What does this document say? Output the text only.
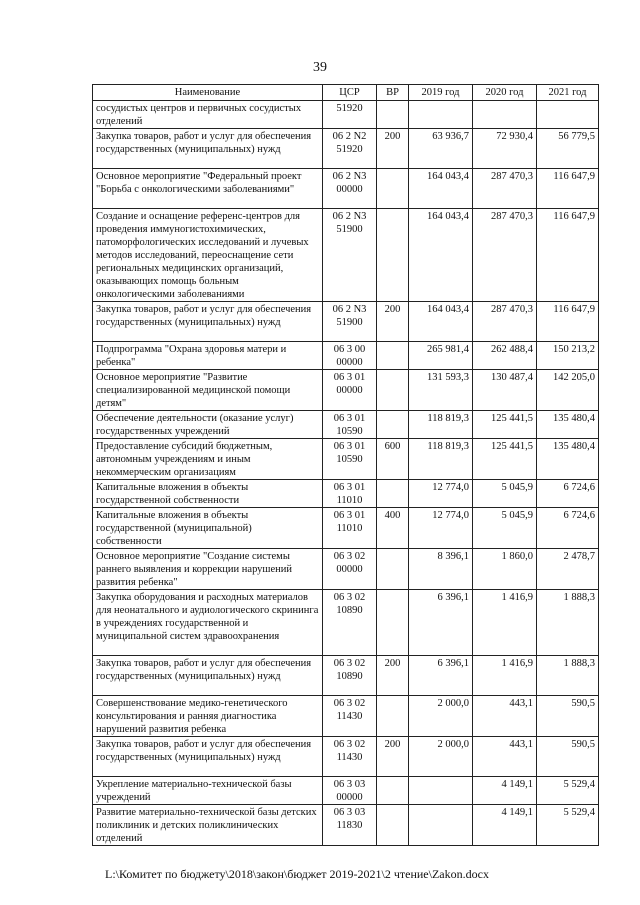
39
Наименование	ЦСР	ВР	2019 год	2020 год	2021 год
сосудистых центров и первичных сосудистых отделений	51920				
Закупка товаров, работ и услуг для обеспечения государственных (муниципальных) нужд	06 2 N2 51920	200	63 936,7	72 930,4	56 779,5
Основное мероприятие "Федеральный проект "Борьба с онкологическими заболеваниями"	06 2 N3 00000		164 043,4	287 470,3	116 647,9
Создание и оснащение референс-центров для проведения иммуногистохимических, патоморфологических исследований и лучевых методов исследований, переоснащение сети региональных медицинских организаций, оказывающих помощь больным онкологическими заболеваниями	06 2 N3 51900		164 043,4	287 470,3	116 647,9
Закупка товаров, работ и услуг для обеспечения государственных (муниципальных) нужд	06 2 N3 51900	200	164 043,4	287 470,3	116 647,9
Подпрограмма "Охрана здоровья матери и ребенка"	06 3 00 00000		265 981,4	262 488,4	150 213,2
Основное мероприятие "Развитие специализированной медицинской помощи детям"	06 3 01 00000		131 593,3	130 487,4	142 205,0
Обеспечение деятельности (оказание услуг) государственных учреждений	06 3 01 10590		118 819,3	125 441,5	135 480,4
Предоставление субсидий бюджетным, автономным учреждениям и иным некоммерческим организациям	06 3 01 10590	600	118 819,3	125 441,5	135 480,4
Капитальные вложения в объекты государственной собственности	06 3 01 11010		12 774,0	5 045,9	6 724,6
Капитальные вложения в объекты государственной (муниципальной) собственности	06 3 01 11010	400	12 774,0	5 045,9	6 724,6
Основное мероприятие "Создание системы раннего выявления и коррекции нарушений развития ребенка"	06 3 02 00000		8 396,1	1 860,0	2 478,7
Закупка оборудования и расходных материалов для неонатального и аудиологического скрининга в учреждениях государственной и муниципальной систем здравоохранения	06 3 02 10890		6 396,1	1 416,9	1 888,3
Закупка товаров, работ и услуг для обеспечения государственных (муниципальных) нужд	06 3 02 10890	200	6 396,1	1 416,9	1 888,3
Совершенствование медико-генетического консультирования и ранняя диагностика нарушений развития ребенка	06 3 02 11430		2 000,0	443,1	590,5
Закупка товаров, работ и услуг для обеспечения государственных (муниципальных) нужд	06 3 02 11430	200	2 000,0	443,1	590,5
Укрепление материально-технической базы учреждений	06 3 03 00000			4 149,1	5 529,4
Развитие материально-технической базы детских поликлиник и детских поликлинических отделений	06 3 03 11830			4 149,1	5 529,4
L:\Комитет по бюджету\2018\закон\бюджет 2019-2021\2 чтение\Zakon.docx
